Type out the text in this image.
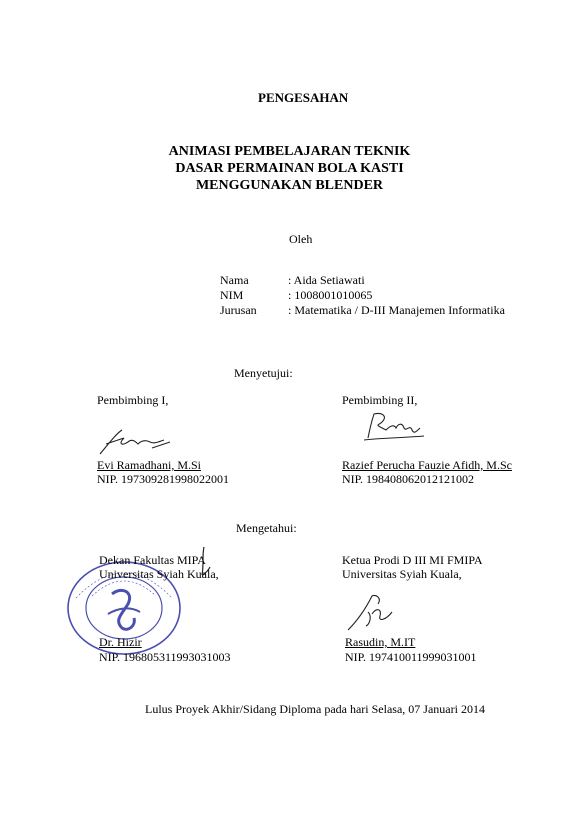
PENGESAHAN
ANIMASI PEMBELAJARAN TEKNIK
DASAR PERMAINAN BOLA KASTI
MENGGUNAKAN BLENDER
Oleh
Nama
NIM
Jurusan
: Aida Setiawati
: 1008001010065
: Matematika / D-III Manajemen Informatika
Menyetujui:
Pembimbing I,	Pembimbing II,
Evi Ramadhani, M.Si
NIP. 197309281998022001
Razief Perucha Fauzie Afidh, M.Sc
NIP. 198408062012121002
Mengetahui:
Dekan Fakultas MIPA
Universitas Syiah Kuala,
Dr. Hizir
NIP. 196805311993031003
Ketua Prodi D III MI FMIPA
Universitas Syiah Kuala,
Rasudin, M.IT
NIP. 197410011999031001
Lulus Proyek Akhir/Sidang Diploma pada hari Selasa, 07 Januari 2014
